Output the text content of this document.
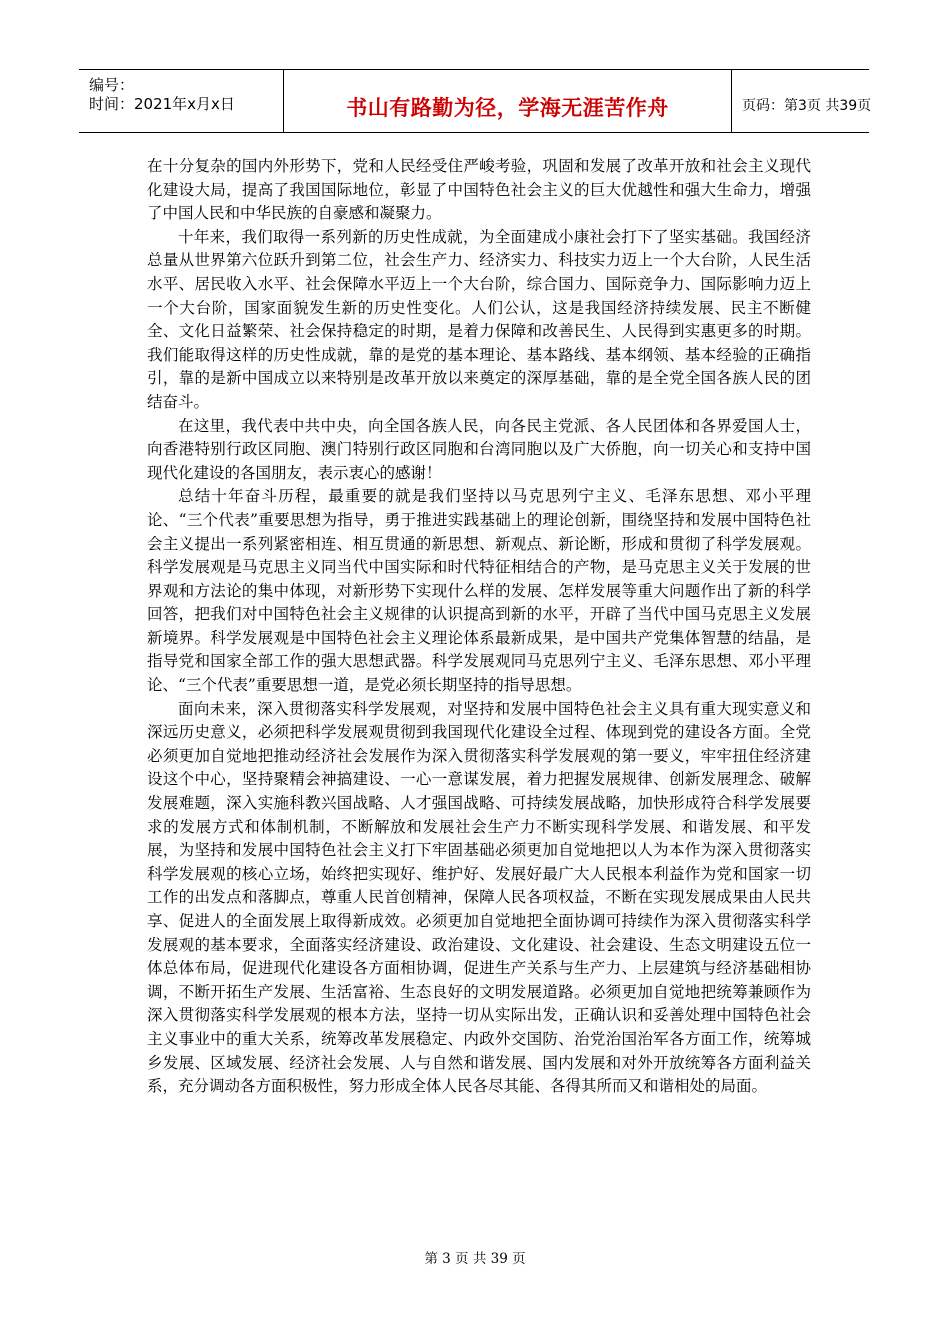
编号：
时间：2021年x月x日	书山有路勤为径，学海无涯苦作舟	页码：第3页 共39页

在十分复杂的国内外形势下，党和人民经受住严峻考验，巩固和发展了改革开放和社会主义现代化建设大局，提高了我国国际地位，彰显了中国特色社会主义的巨大优越性和强大生命力，增强了中国人民和中华民族的自豪感和凝聚力。

十年来，我们取得一系列新的历史性成就，为全面建成小康社会打下了坚实基础。我国经济总量从世界第六位跃升到第二位，社会生产力、经济实力、科技实力迈上一个大台阶，人民生活水平、居民收入水平、社会保障水平迈上一个大台阶，综合国力、国际竞争力、国际影响力迈上一个大台阶，国家面貌发生新的历史性变化。人们公认，这是我国经济持续发展、民主不断健全、文化日益繁荣、社会保持稳定的时期，是着力保障和改善民生、人民得到实惠更多的时期。我们能取得这样的历史性成就，靠的是党的基本理论、基本路线、基本纲领、基本经验的正确指引，靠的是新中国成立以来特别是改革开放以来奠定的深厚基础，靠的是全党全国各族人民的团结奋斗。

在这里，我代表中共中央，向全国各族人民，向各民主党派、各人民团体和各界爱国人士，向香港特别行政区同胞、澳门特别行政区同胞和台湾同胞以及广大侨胞，向一切关心和支持中国现代化建设的各国朋友，表示衷心的感谢！

总结十年奋斗历程，最重要的就是我们坚持以马克思列宁主义、毛泽东思想、邓小平理论、“三个代表”重要思想为指导，勇于推进实践基础上的理论创新，围绕坚持和发展中国特色社会主义提出一系列紧密相连、相互贯通的新思想、新观点、新论断，形成和贯彻了科学发展观。科学发展观是马克思主义同当代中国实际和时代特征相结合的产物，是马克思主义关于发展的世界观和方法论的集中体现，对新形势下实现什么样的发展、怎样发展等重大问题作出了新的科学回答，把我们对中国特色社会主义规律的认识提高到新的水平，开辟了当代中国马克思主义发展新境界。科学发展观是中国特色社会主义理论体系最新成果，是中国共产党集体智慧的结晶，是指导党和国家全部工作的强大思想武器。科学发展观同马克思列宁主义、毛泽东思想、邓小平理论、“三个代表”重要思想一道，是党必须长期坚持的指导思想。

面向未来，深入贯彻落实科学发展观，对坚持和发展中国特色社会主义具有重大现实意义和深远历史意义，必须把科学发展观贯彻到我国现代化建设全过程、体现到党的建设各方面。全党必须更加自觉地把推动经济社会发展作为深入贯彻落实科学发展观的第一要义，牢牢扭住经济建设这个中心，坚持聚精会神搞建设、一心一意谋发展，着力把握发展规律、创新发展理念、破解发展难题，深入实施科教兴国战略、人才强国战略、可持续发展战略，加快形成符合科学发展要求的发展方式和体制机制，不断解放和发展社会生产力不断实现科学发展、和谐发展、和平发展，为坚持和发展中国特色社会主义打下牢固基础必须更加自觉地把以人为本作为深入贯彻落实科学发展观的核心立场，始终把实现好、维护好、发展好最广大人民根本利益作为党和国家一切工作的出发点和落脚点，尊重人民首创精神，保障人民各项权益，不断在实现发展成果由人民共享、促进人的全面发展上取得新成效。必须更加自觉地把全面协调可持续作为深入贯彻落实科学发展观的基本要求，全面落实经济建设、政治建设、文化建设、社会建设、生态文明建设五位一体总体布局，促进现代化建设各方面相协调，促进生产关系与生产力、上层建筑与经济基础相协调，不断开拓生产发展、生活富裕、生态良好的文明发展道路。必须更加自觉地把统筹兼顾作为深入贯彻落实科学发展观的根本方法，坚持一切从实际出发，正确认识和妥善处理中国特色社会主义事业中的重大关系，统筹改革发展稳定、内政外交国防、治党治国治军各方面工作，统筹城乡发展、区域发展、经济社会发展、人与自然和谐发展、国内发展和对外开放统筹各方面利益关系，充分调动各方面积极性，努力形成全体人民各尽其能、各得其所而又和谐相处的局面。

第 3 页 共 39 页
